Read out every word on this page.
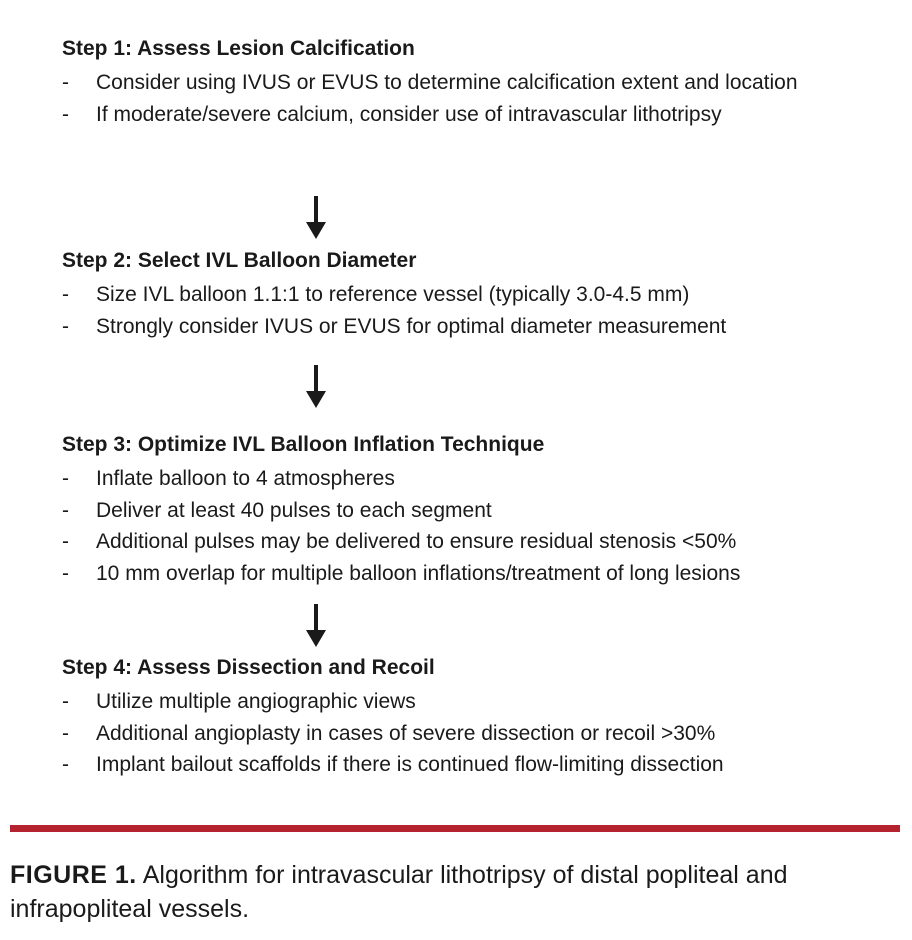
Step 1: Assess Lesion Calcification
- Consider using IVUS or EVUS to determine calcification extent and location
- If moderate/severe calcium, consider use of intravascular lithotripsy
Step 2: Select IVL Balloon Diameter
- Size IVL balloon 1.1:1 to reference vessel (typically 3.0-4.5 mm)
- Strongly consider IVUS or EVUS for optimal diameter measurement
Step 3: Optimize IVL Balloon Inflation Technique
- Inflate balloon to 4 atmospheres
- Deliver at least 40 pulses to each segment
- Additional pulses may be delivered to ensure residual stenosis <50%
- 10 mm overlap for multiple balloon inflations/treatment of long lesions
Step 4: Assess Dissection and Recoil
- Utilize multiple angiographic views
- Additional angioplasty in cases of severe dissection or recoil >30%
- Implant bailout scaffolds if there is continued flow-limiting dissection
FIGURE 1. Algorithm for intravascular lithotripsy of distal popliteal and infrapopliteal vessels.
